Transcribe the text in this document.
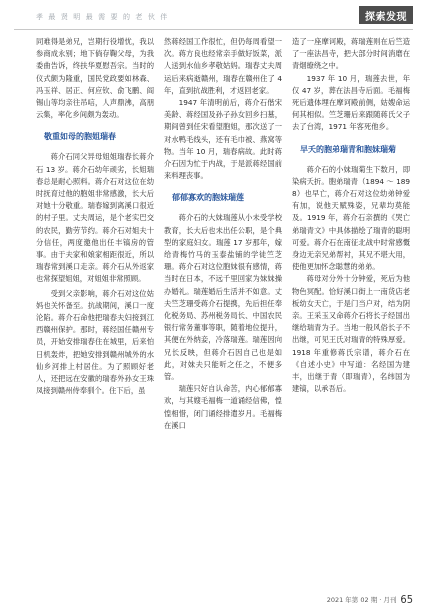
孝 最 贤 明 最 需 要 的 老 伙 伴	探索发现

同难得是弟兄，岂期行役增忧，我以参商成永别；地下倘存鞠父母，为我委曲告诉，终扶华夏慰吾宗。当时的仪式颇为隆重，国民党政要如林森、冯玉祥、居正、何应钦、俞飞鹏、阎锡山等均亲往吊唁，人声鼎沸，高朋云集，率化乡间颇为轰动。

敬重如母的胞姐瑞春

蒋介石同父异母姐姐瑞春长蒋介石 13 岁。蒋介石幼年顽劣，长姐瑞春总是耐心照料。蒋介石对这位在幼时抚育过他的胞姐非常感激，长大后对她十分敬重。瑞春嫁到离溪口很近的村子里。丈夫周运，是个老实巴交的农民，勤劳节约。蒋介石对姐夫十分信任，两度邀他出任丰镐房的管事。由于夫家和娘家相距很近，所以瑞春常到溪口走亲。蒋介石从外返家也常探望姐姐，对姐姐非常照顾。

受到父亲影响，蒋介石对这位姑妈也关怀备至。抗战期间，溪口一度沦陷。蒋介石命他把瑞春夫妇接到江西赣州保护。那时，蒋经国任赣州专员，开始安排瑞春住在城里，后来怕日机轰炸，把她安排到赣州城外的水仙乡河排上村居住。为了照顾好老人，还把远在安徽的瑞春外孙女王珠凤接到赣州侍奉驯个。住下后，虽

然蒋经国工作很忙，但仍每周看望一次。蒋方良也经常亲手做好饭菜，派人送到水仙乡孝敬姑妈。瑞春丈夫周运后来病逝赣州，瑞春在赣州住了 4 年，直到抗战胜利，才返回老家。

1947 年清明前后，蒋介石偕宋美龄、蒋经国及孙子孙女回乡扫墓，期间曾到任宋看望胞姐，那次送了一对水鸭毛线头，还有毛巾被、燕窝等物。当年 10 月，瑞春病故。此时蒋介石因为忙于内战，于是派蒋经国前来料理丧事。

郁郁寡欢的胞妹瑞莲

蒋介石的大妹瑞莲从小未受学校教育，长大后也未出任公职，是个典型的家庭妇女。瑞莲 17 岁那年，嫁给青梅竹马的玉泰盐铺的学徒竺芝珊。蒋介石对这位胞妹很有感情，蒋当时在日本，不远千里回家为妹妹操办婚礼。瑞莲婚后生活并不如意。丈夫竺芝珊受蒋介石提携，先后担任奉化税务局、苏州税务局长、中国农民银行常务董事等职，随着地位提升，其便在外纳妾，冷落瑞莲。瑞莲因向兄长反映，但蒋介石因自己也是如此，对妹夫只能听之任之，不便多管。

瑞莲只好自认命苦，内心郁郁寡欢，与其嫂毛福梅一道诵经信佛，惶惶相惜，闭门诵经排遣岁月。毛福梅在溪口

造了一座摩诃殿，蒋瑞莲则在后竺造了一座法昌寺，把大部分时间消磨在青烟缭绕之中。

1937 年 10 月，瑞莲去世，年仅 47 岁，葬在法昌寺后面。毛福梅死后遗体埋在摩诃殿前侧，姑嫂命运何其相似。竺芝珊后来跟随蒋氏父子去了台湾，1971 年客死他乡。

早夭的胞弟瑞青和胞妹瑞菊

蒋介石的小妹瑞菊生下数月，即染病夭折。胞弟瑞青（1894 ～ 1898）也早亡，蒋介石对这位幼弟钟爱有加，说他天赋殊姿，兄辈均莫能及。1919 年，蒋介石亲撰的《哭亡弟瑞青文》中具体描绘了瑞青的聪明可爱。蒋介石在南征北战中时常感慨身边无亲兄弟帮衬，其兄不堪大用，使他更加怀念聪慧的弟弟。

蒋母对分外十分钟爱，死后为他物色冥配。恰好溪口街上一南货店老板幼女天亡，于是门当户对，结为阴亲。王采玉又命蒋介石将长子经国出继给瑞青为子。当地一般风俗长子不出继，可见王氏对瑞青的特殊厚爱。1918 年重修蒋氏宗谱，蒋介石在《自述小史》中写道：名经国为建丰，出继于青（即瑞青），名纬国为建镐，以承吾后。

2021 年第 02 期 · 月刊 65
